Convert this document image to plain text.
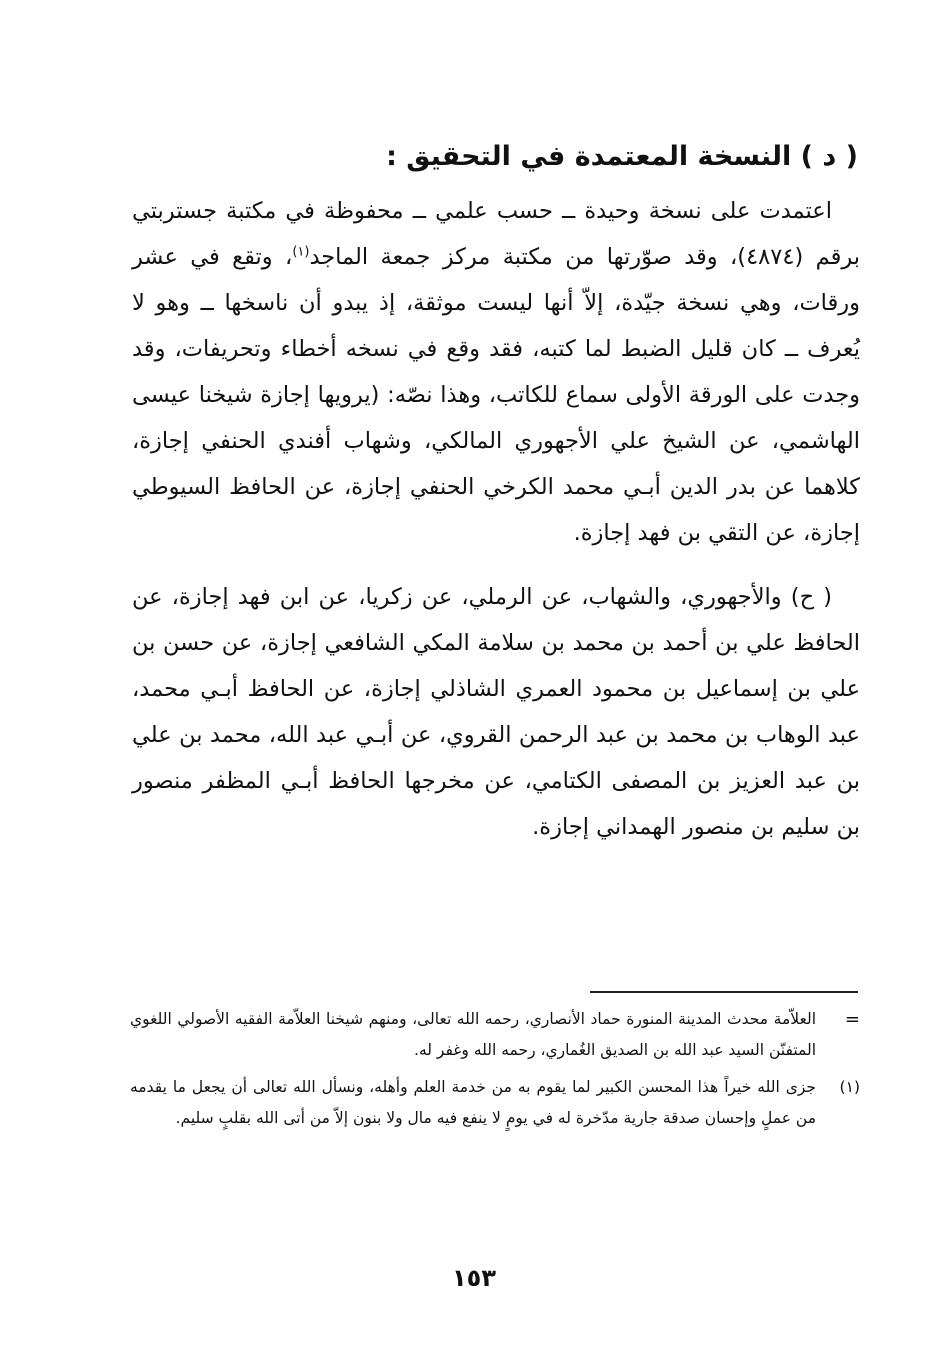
( د ) النسخة المعتمدة في التحقيق :

اعتمدت على نسخة وحيدة ــ حسب علمي ــ محفوظة في مكتبة جستربتي برقم (٤٨٧٤)، وقد صوّرتها من مكتبة مركز جمعة الماجد$^{(١)}$، وتقع في عشر ورقات، وهي نسخة جيّدة، إلاّ أنها ليست موثقة، إذ يبدو أن ناسخها ــ وهو لا يُعرف ــ كان قليل الضبط لما كتبه، فقد وقع في نسخه أخطاء وتحريفات، وقد وجدت على الورقة الأولى سماع للكاتب، وهذا نصّه: (يرويها إجازة شيخنا عيسى الهاشمي، عن الشيخ علي الأجهوري المالكي، وشهاب أفندي الحنفي إجازة، كلاهما عن بدر الدين أبـي محمد الكرخي الحنفي إجازة، عن الحافظ السيوطي إجازة، عن التقي بن فهد إجازة.

( ح) والأجهوري، والشهاب، عن الرملي، عن زكريا، عن ابن فهد إجازة، عن الحافظ علي بن أحمد بن محمد بن سلامة المكي الشافعي إجازة، عن حسن بن علي بن إسماعيل بن محمود العمري الشاذلي إجازة، عن الحافظ أبـي محمد، عبد الوهاب بن محمد بن عبد الرحمن القروي، عن أبـي عبد الله، محمد بن علي بن عبد العزيز بن المصفى الكتامي، عن مخرجها الحافظ أبـي المظفر منصور بن سليم بن منصور الهمداني إجازة.

=
العلاّمة محدث المدينة المنورة حماد الأنصاري، رحمه الله تعالى، ومنهم شيخنا العلاّمة الفقيه الأصولي اللغوي المتفنّن السيد عبد الله بن الصديق الغُماري، رحمه الله وغفر له.
(١)
جزى الله خيراً هذا المحسن الكبير لما يقوم به من خدمة العلم وأهله، ونسأل الله تعالى أن يجعل ما يقدمه من عملٍ وإحسان صدقة جارية مدّخرة له في يومٍ لا ينفع فيه مال ولا بنون إلاّ من أتى الله بقلبٍ سليم.
١٥٣
